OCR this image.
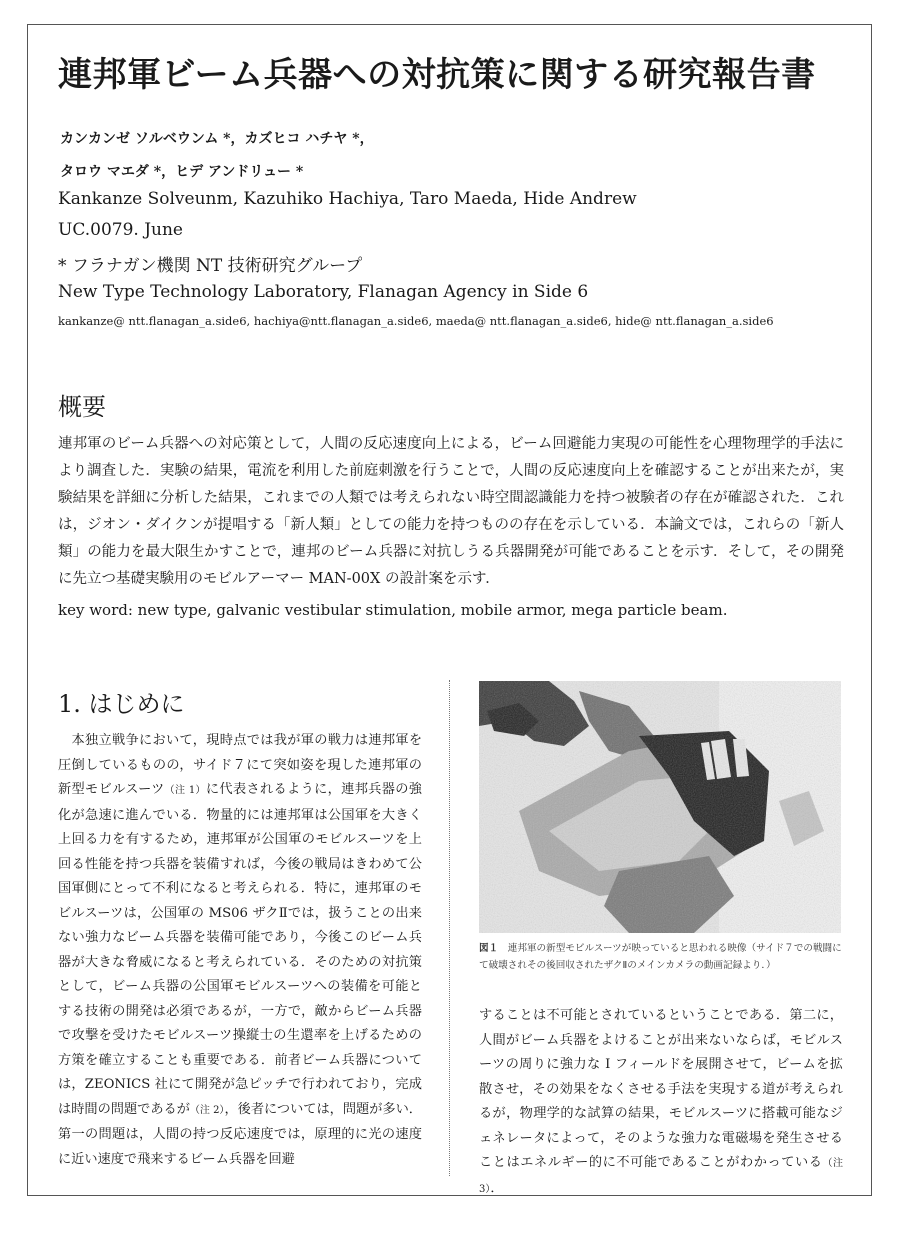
連邦軍ビーム兵器への対抗策に関する研究報告書
カンカンゼ ソルベウンム *，カズヒコ ハチヤ *，
タロウ マエダ *，ヒデ アンドリュー *
Kankanze Solveunm, Kazuhiko Hachiya, Taro Maeda, Hide Andrew
UC.0079. June
* フラナガン機関 NT 技術研究グループ
New Type Technology Laboratory, Flanagan Agency in Side 6
kankanze@ ntt.flanagan_a.side6, hachiya@ntt.flanagan_a.side6, maeda@ ntt.flanagan_a.side6, hide@ ntt.flanagan_a.side6
概要

連邦軍のビーム兵器への対応策として，人間の反応速度向上による，ビーム回避能力実現の可能性を心理物理学的手法により調査した．実験の結果，電流を利用した前庭刺激を行うことで，人間の反応速度向上を確認することが出来たが，実験結果を詳細に分析した結果，これまでの人類では考えられない時空間認識能力を持つ被験者の存在が確認された．これは，ジオン・ダイクンが提唱する「新人類」としての能力を持つものの存在を示している．本論文では，これらの「新人類」の能力を最大限生かすことで，連邦のビーム兵器に対抗しうる兵器開発が可能であることを示す．そして，その開発に先立つ基礎実験用のモビルアーマー MAN-00X の設計案を示す．

key word: new type, galvanic vestibular stimulation, mobile armor, mega particle beam.
1. はじめに

　本独立戦争において，現時点では我が軍の戦力は連邦軍を圧倒しているものの，サイド７にて突如姿を現した連邦軍の新型モビルスーツ（注 1）に代表されるように，連邦兵器の強化が急速に進んでいる．物量的には連邦軍は公国軍を大きく上回る力を有するため，連邦軍が公国軍のモビルスーツを上回る性能を持つ兵器を装備すれば，今後の戦局はきわめて公国軍側にとって不利になると考えられる．特に，連邦軍のモビルスーツは，公国軍の MS06 ザクⅡでは，扱うことの出来ない強力なビーム兵器を装備可能であり，今後このビーム兵器が大きな脅威になると考えられている．そのための対抗策として，ビーム兵器の公国軍モビルスーツへの装備を可能とする技術の開発は必須であるが，一方で，敵からビーム兵器で攻撃を受けたモビルスーツ操縦士の生還率を上げるための方策を確立することも重要である．前者ビーム兵器については，ZEONICS 社にて開発が急ピッチで行われており，完成は時間の問題であるが（注 2），後者については，問題が多い．第一の問題は，人間の持つ反応速度では，原理的に光の速度に近い速度で飛来するビーム兵器を回避

図１　 連邦軍の新型モビルスーツが映っていると思われる映像（サイド７での戦闘にて破壊されその後回収されたザクⅡのメインカメラの動画記録より．）

することは不可能とされているということである．第二に，人間がビーム兵器をよけることが出来ないならば，モビルスーツの周りに強力な I フィールドを展開させて，ビームを拡散させ，その効果をなくさせる手法を実現する道が考えられるが，物理学的な試算の結果，モビルスーツに搭載可能なジェネレータによって，そのような強力な電磁場を発生させることはエネルギー的に不可能であることがわかっている（注 3）．
